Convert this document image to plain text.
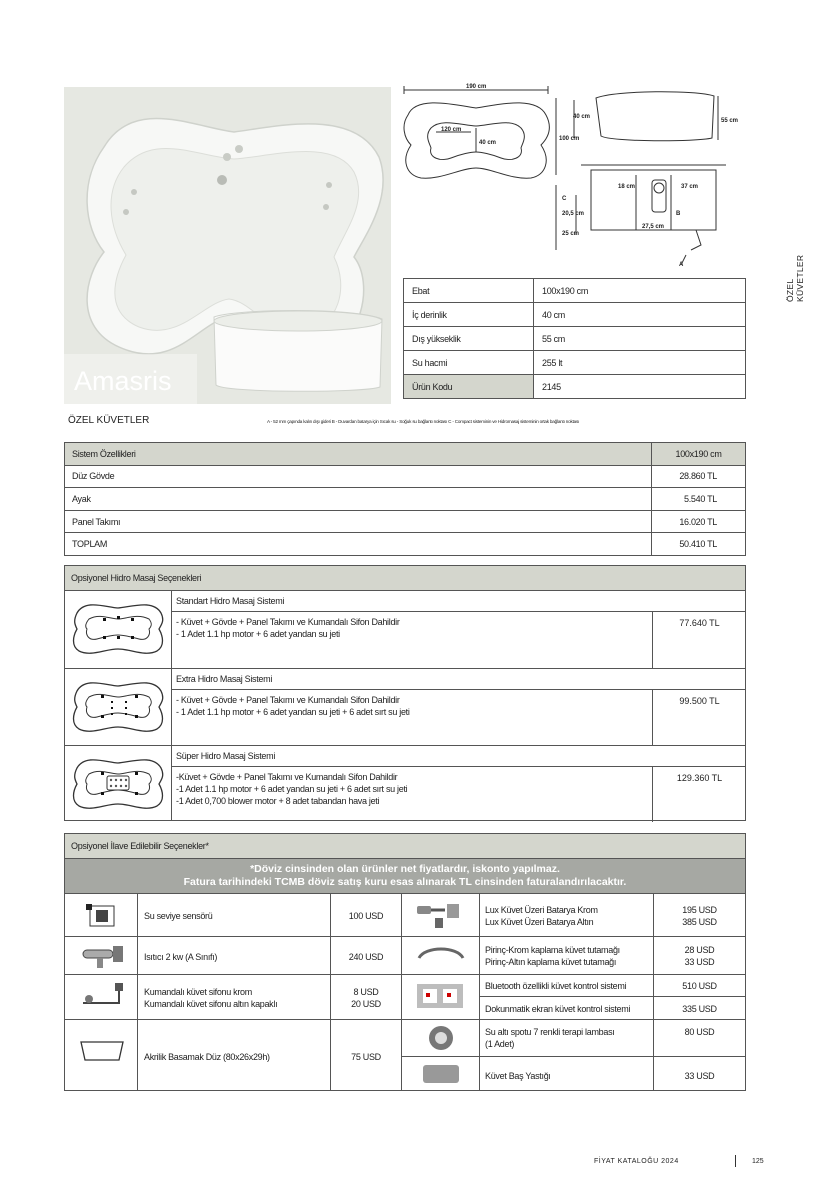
Amasris
190 cm
100 cm
120 cm
40 cm
40 cm
55 cm
18 cm	37 cm
20,5 cm
25 cm
27,5 cm
A
B
C
Ebat	100x190 cm
İç derinlik	40 cm
Dış yükseklik	55 cm
Su hacmi	255 lt
Ürün Kodu	2145
ÖZEL KÜVETLER	A - 52 mm çapında kalın dışı gideri B - Duvardan batarya için Sıcak su - Soğuk su bağlantı noktası C - Compact sisteminin ve Hidromasaj sisteminin ortak bağlantı noktası
ÖZEL KÜVETLER
Sistem Özellikleri	100x190 cm
Düz Gövde	28.860 TL
Ayak	5.540 TL
Panel Takımı	16.020 TL
TOPLAM	50.410 TL
Opsiyonel Hidro Masaj Seçenekleri
Standart Hidro Masaj Sistemi
- Küvet + Gövde + Panel Takımı ve Kumandalı Sifon Dahildir
- 1 Adet 1.1 hp motor + 6 adet yandan su jeti
77.640 TL
Extra Hidro Masaj Sistemi
- Küvet + Gövde + Panel Takımı ve Kumandalı Sifon Dahildir
- 1 Adet 1.1 hp motor + 6 adet yandan su jeti + 6 adet sırt su jeti
99.500 TL
Süper Hidro Masaj Sistemi
-Küvet + Gövde + Panel Takımı ve Kumandalı Sifon Dahildir
-1 Adet 1.1 hp motor + 6 adet yandan su jeti + 6 adet sırt su jeti
-1 Adet 0,700 blower motor + 8 adet tabandan hava jeti
129.360 TL
Opsiyonel İlave Edilebilir Seçenekler*
*Döviz cinsinden olan ürünler net fiyatlardır, iskonto yapılmaz.
Fatura tarihindeki TCMB döviz satış kuru esas alınarak TL cinsinden faturalandırılacaktır.
Su seviye sensörü	100 USD
Isıtıcı 2 kw (A Sınıfı)	240 USD
Kumandalı küvet sifonu krom
Kumandalı küvet sifonu altın kapaklı
8 USD
20 USD
Akrilik Basamak Düz (80x26x29h)	75 USD
Lux Küvet Üzeri Batarya Krom
Lux Küvet Üzeri Batarya Altın
195 USD
385 USD
Pirinç-Krom kaplama küvet tutamağı
Pirinç-Altın kaplama küvet tutamağı
28 USD
33 USD
Bluetooth özellikli küvet kontrol sistemi	510 USD
Dokunmatik ekran küvet kontrol sistemi	335 USD
Su altı spotu 7 renkli terapi lambası
(1 Adet)
80 USD
Küvet Baş Yastığı	33 USD
FİYAT KATALOĞU 2024	125
